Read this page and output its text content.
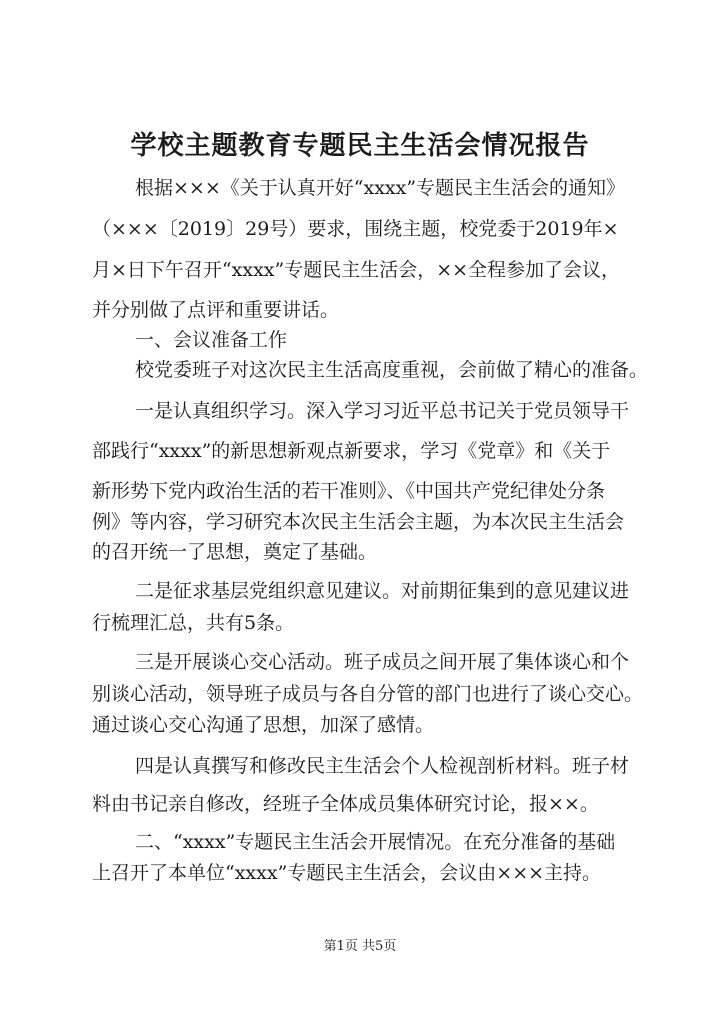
学校主题教育专题民主生活会情况报告
根据×××《关于认真开好“xxxx”专题民主生活会的通知》
（×××〔2019〕29号）要求，围绕主题，校党委于2019年×
月×日下午召开“xxxx”专题民主生活会，××全程参加了会议，
并分别做了点评和重要讲话。
一、会议准备工作
校党委班子对这次民主生活高度重视，会前做了精心的准备。
一是认真组织学习。深入学习习近平总书记关于党员领导干
部践行“xxxx”的新思想新观点新要求，学习《党章》和《关于
新形势下党内政治生活的若干准则》、《中国共产党纪律处分条
例》等内容，学习研究本次民主生活会主题，为本次民主生活会
的召开统一了思想，奠定了基础。
二是征求基层党组织意见建议。对前期征集到的意见建议进
行梳理汇总，共有5条。
三是开展谈心交心活动。班子成员之间开展了集体谈心和个
别谈心活动，领导班子成员与各自分管的部门也进行了谈心交心。
通过谈心交心沟通了思想，加深了感情。
四是认真撰写和修改民主生活会个人检视剖析材料。班子材
料由书记亲自修改，经班子全体成员集体研究讨论，报××。
二、“xxxx”专题民主生活会开展情况。在充分准备的基础
上召开了本单位“xxxx”专题民主生活会，会议由×××主持。
第1页 共5页
